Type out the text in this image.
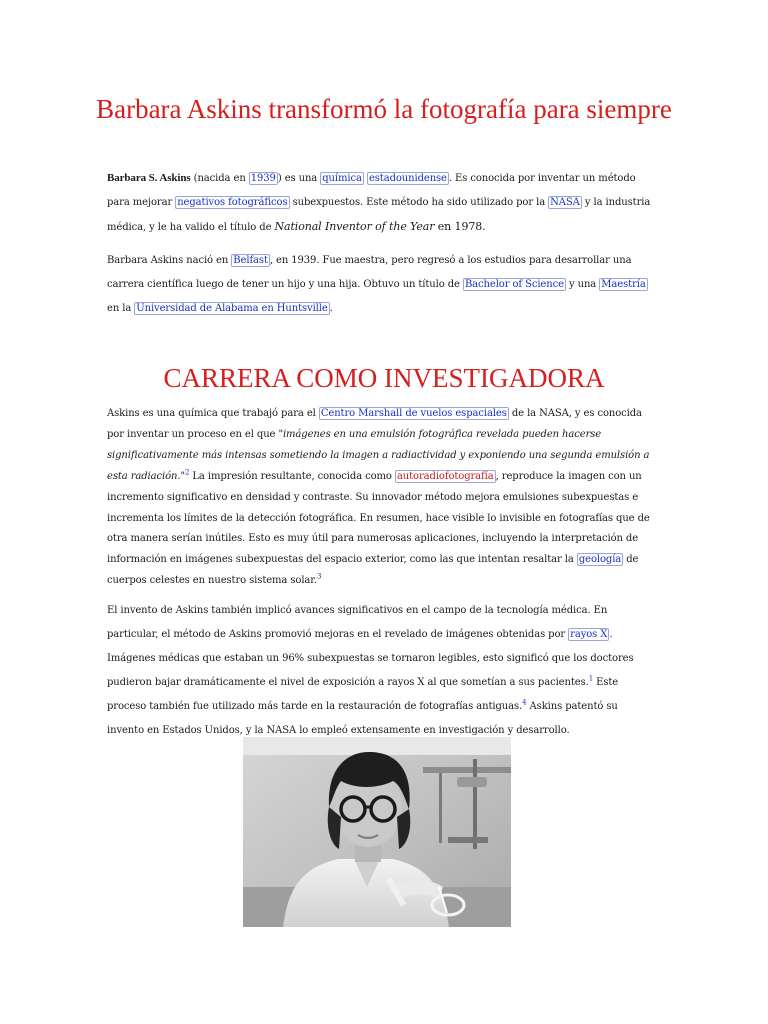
Barbara Askins transformó la fotografía para siempre

Barbara S. Askins (nacida en 1939 ) es una química estadounidense . Es conocida por inventar un método para mejorar negativos fotográficos subexpuestos. Este método ha sido utilizado por la NASA y la industria médica, y le ha valido el título de National Inventor of the Year en 1978.

Barbara Askins nació en Belfast , en 1939. Fue maestra, pero regresó a los estudios para desarrollar una carrera científica luego de tener un hijo y una hija. Obtuvo un título de Bachelor of Science y una Maestría en la Universidad de Alabama en Huntsville .

CARRERA COMO INVESTIGADORA

Askins es una química que trabajó para el Centro Marshall de vuelos espaciales de la NASA, y es conocida por inventar un proceso en el que "imágenes en una emulsión fotográfica revelada pueden hacerse significativamente más intensas sometiendo la imagen a radiactividad y exponiendo una segunda emulsión a esta radiación."$^2$ La impresión resultante, conocida como autoradiofotografía , reproduce la imagen con un incremento significativo en densidad y contraste. Su innovador método mejora emulsiones subexpuestas e incrementa los límites de la detección fotográfica. En resumen, hace visible lo invisible en fotografías que de otra manera serían inútiles. Esto es muy útil para numerosas aplicaciones, incluyendo la interpretación de información en imágenes subexpuestas del espacio exterior, como las que intentan resaltar la geología de cuerpos celestes en nuestro sistema solar.$^3$

El invento de Askins también implicó avances significativos en el campo de la tecnología médica. En particular, el método de Askins promovió mejoras en el revelado de imágenes obtenidas por rayos X . Imágenes médicas que estaban un 96% subexpuestas se tornaron legibles, esto significó que los doctores pudieron bajar dramáticamente el nivel de exposición a rayos X al que sometían a sus pacientes.$^1$ Este proceso también fue utilizado más tarde en la restauración de fotografías antiguas.$^4$ Askins patentó su invento en Estados Unidos, y la NASA lo empleó extensamente en investigación y desarrollo.
